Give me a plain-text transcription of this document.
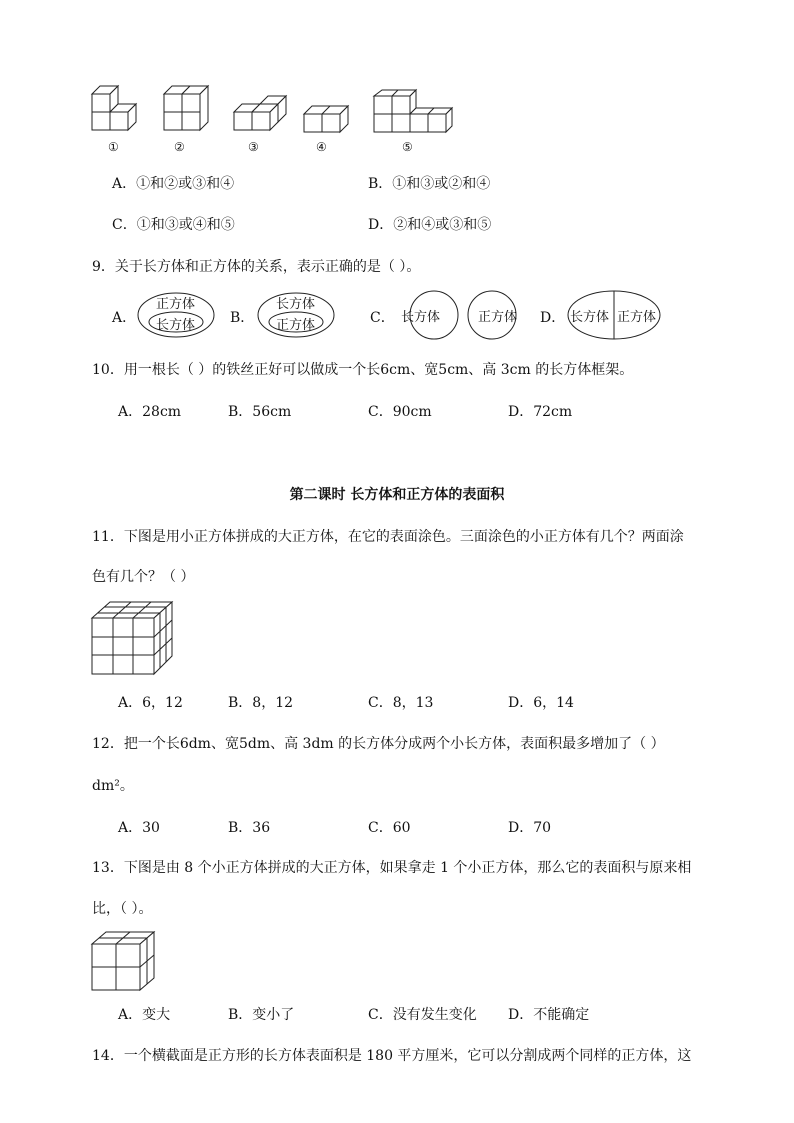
①	②	③	④	⑤
A．①和②或③和④	B．①和③或②和④
C．①和③或④和⑤	D．②和④或③和⑤
9．关于长方体和正方体的关系，表示正确的是（ ）。
A．
正方体
长方体 B．
长方体
正方体	C． 长方体	正方体 D． 长方体 正方体
10．用一根长（ ）的铁丝正好可以做成一个长6cm、宽5cm、高 3cm 的长方体框架。
A．28cm	B．56cm	C．90cm	D．72cm
第二课时 长方体和正方体的表面积
11．下图是用小正方体拼成的大正方体，在它的表面涂色。三面涂色的小正方体有几个？两面涂
色有几个？（ ）
A．6，12	B．8，12	C．8，13	D．6，14
12．把一个长6dm、宽5dm、高 3dm 的长方体分成两个小长方体，表面积最多增加了（ ）
dm²。
A．30	B．36	C．60	D．70
13．下图是由 8 个小正方体拼成的大正方体，如果拿走 1 个小正方体，那么它的表面积与原来相
比，（ ）。
A．变大	B．变小了	C．没有发生变化 D．不能确定
14．一个横截面是正方形的长方体表面积是 180 平方厘米，它可以分割成两个同样的正方体，这
